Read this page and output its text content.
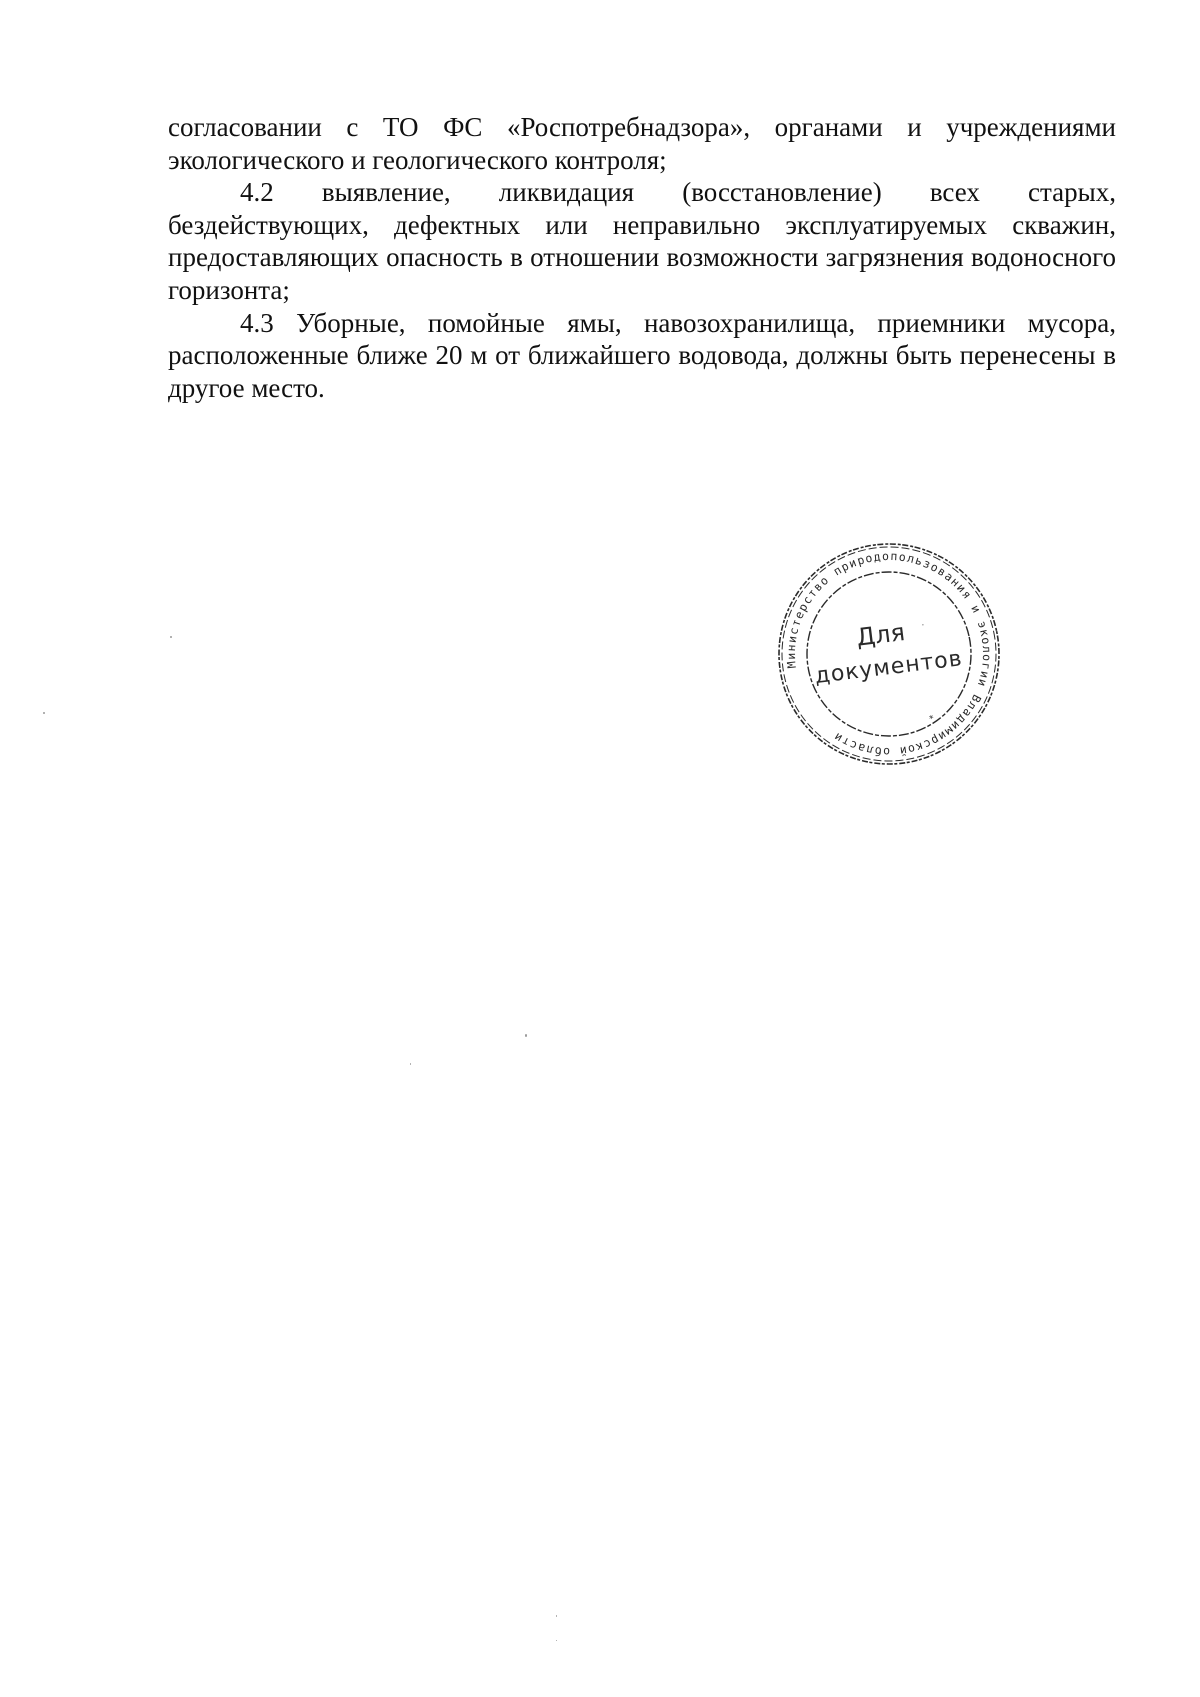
согласовании с ТО ФС «Роспотребнадзора», органами и учреждениями экологического и геологического контроля;

4.2 выявление, ликвидация (восстановление) всех старых, бездействующих, дефектных или неправильно эксплуатируемых скважин, предоставляющих опасность в отношении возможности загрязнения водоносного горизонта;

4.3 Уборные, помойные ямы, навозохранилища, приемники мусора, расположенные ближе 20 м от ближайшего водовода, должны быть перенесены в другое место.

Министерство природопользования и экологии Владимирской области
*
Для
документов
·
